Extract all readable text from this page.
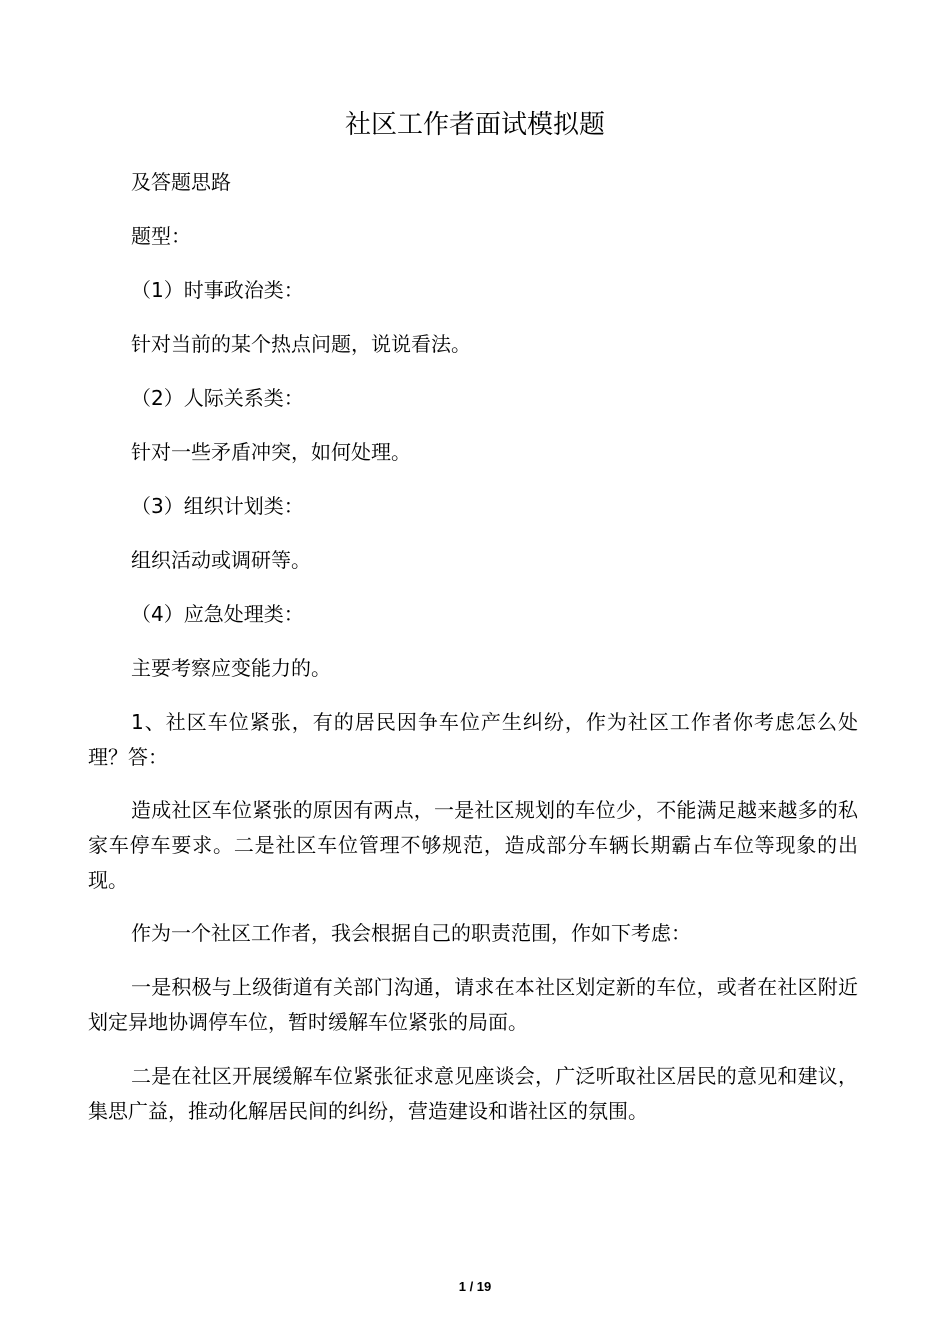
社区工作者面试模拟题

及答题思路

题型：

（1）时事政治类：

针对当前的某个热点问题，说说看法。

（2）人际关系类：

针对一些矛盾冲突，如何处理。

（3）组织计划类：

组织活动或调研等。

（4）应急处理类：

主要考察应变能力的。

1、社区车位紧张，有的居民因争车位产生纠纷，作为社区工作者你考虑怎么处理？答：

造成社区车位紧张的原因有两点，一是社区规划的车位少，不能满足越来越多的私家车停车要求。二是社区车位管理不够规范，造成部分车辆长期霸占车位等现象的出现。

作为一个社区工作者，我会根据自己的职责范围，作如下考虑：

一是积极与上级街道有关部门沟通，请求在本社区划定新的车位，或者在社区附近划定异地协调停车位，暂时缓解车位紧张的局面。

二是在社区开展缓解车位紧张征求意见座谈会，广泛听取社区居民的意见和建议，集思广益，推动化解居民间的纠纷，营造建设和谐社区的氛围。

1 / 19
